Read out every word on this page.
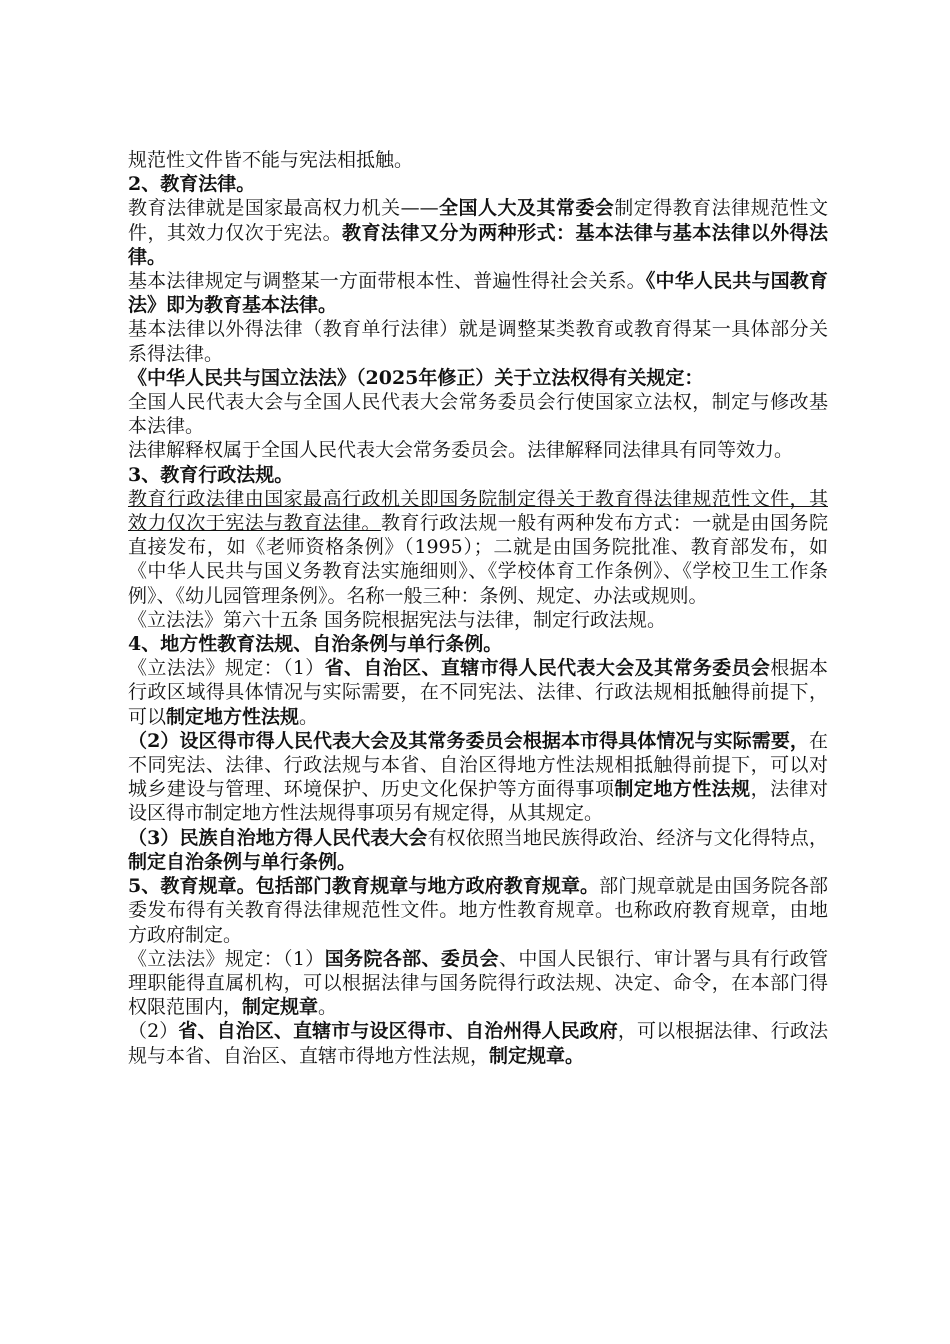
规范性文件皆不能与宪法相抵触。

2、教育法律。

教育法律就是国家最高权力机关——全国人大及其常委会制定得教育法律规范性文件，其效力仅次于宪法。教育法律又分为两种形式：基本法律与基本法律以外得法律。

基本法律规定与调整某一方面带根本性、普遍性得社会关系。《中华人民共与国教育法》即为教育基本法律。

基本法律以外得法律（教育单行法律）就是调整某类教育或教育得某一具体部分关系得法律。

《中华人民共与国立法法》（2025年修正）关于立法权得有关规定：

全国人民代表大会与全国人民代表大会常务委员会行使国家立法权，制定与修改基本法律。

法律解释权属于全国人民代表大会常务委员会。法律解释同法律具有同等效力。

3、教育行政法规。

教育行政法律由国家最高行政机关即国务院制定得关于教育得法律规范性文件，其效力仅次于宪法与教育法律。教育行政法规一般有两种发布方式：一就是由国务院直接发布，如《老师资格条例》（1995）；二就是由国务院批准、教育部发布，如《中华人民共与国义务教育法实施细则》、《学校体育工作条例》、《学校卫生工作条例》、《幼儿园管理条例》。名称一般三种：条例、规定、办法或规则。

《立法法》第六十五条 国务院根据宪法与法律，制定行政法规。

4、地方性教育法规、自治条例与单行条例。

《立法法》规定：（1）省、自治区、直辖市得人民代表大会及其常务委员会根据本行政区域得具体情况与实际需要，在不同宪法、法律、行政法规相抵触得前提下，可以制定地方性法规。

（2）设区得市得人民代表大会及其常务委员会根据本市得具体情况与实际需要，在不同宪法、法律、行政法规与本省、自治区得地方性法规相抵触得前提下，可以对城乡建设与管理、环境保护、历史文化保护等方面得事项制定地方性法规，法律对设区得市制定地方性法规得事项另有规定得，从其规定。

（3）民族自治地方得人民代表大会有权依照当地民族得政治、经济与文化得特点，制定自治条例与单行条例。

5、教育规章。包括部门教育规章与地方政府教育规章。部门规章就是由国务院各部委发布得有关教育得法律规范性文件。地方性教育规章。也称政府教育规章，由地方政府制定。

《立法法》规定：（1）国务院各部、委员会、中国人民银行、审计署与具有行政管理职能得直属机构，可以根据法律与国务院得行政法规、决定、命令，在本部门得权限范围内，制定规章。

（2）省、自治区、直辖市与设区得市、自治州得人民政府，可以根据法律、行政法规与本省、自治区、直辖市得地方性法规，制定规章。
